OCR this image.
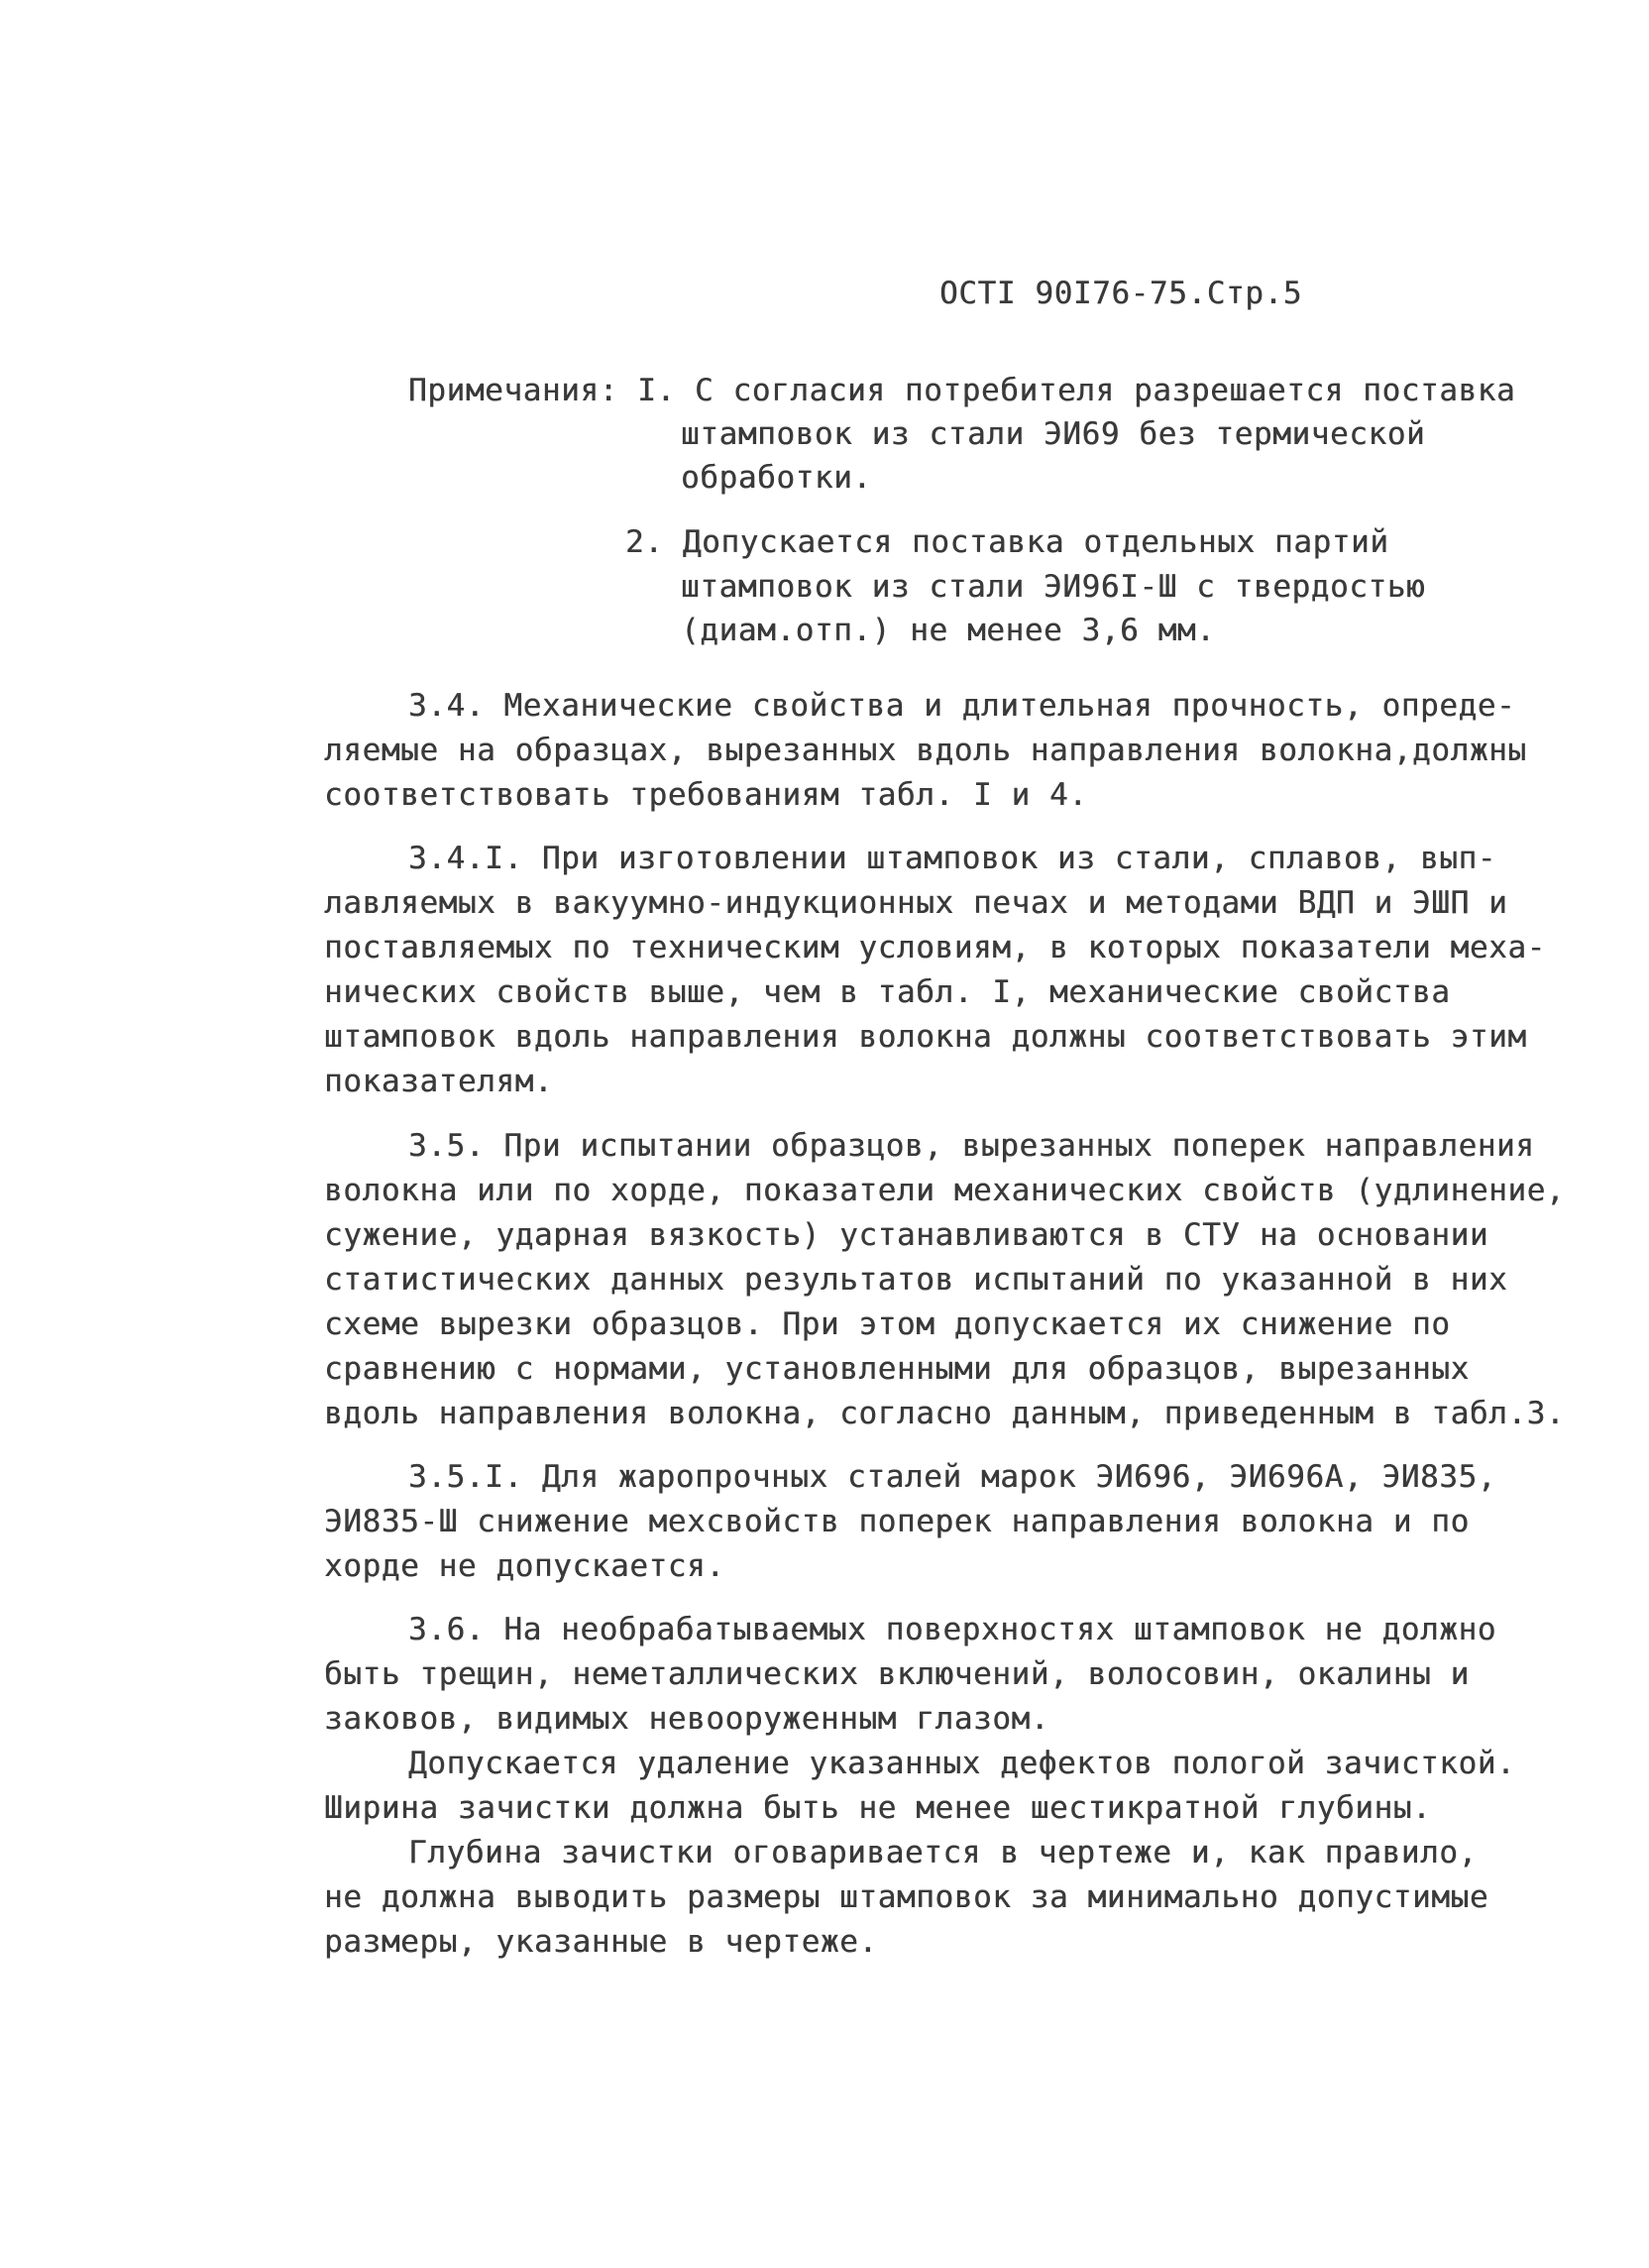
ОСТI 90I76-75.Стр.5
Примечания: I. С согласия потребителя разрешается поставка
штамповок из стали ЭИ69 без термической
обработки.
2. Допускается поставка отдельных партий
штамповок из стали ЭИ96I-Ш с твердостью
(диам.отп.) не менее 3,6 мм.
3.4. Механические свойства и длительная прочность, опреде-
ляемые на образцах, вырезанных вдоль направления волокна,должны
соответствовать требованиям табл. I и 4.
3.4.I. При изготовлении штамповок из стали, сплавов, вып-
лавляемых в вакуумно-индукционных печах и методами ВДП и ЭШП и
поставляемых по техническим условиям, в которых показатели меха-
нических свойств выше, чем в табл. I, механические свойства
штамповок вдоль направления волокна должны соответствовать этим
показателям.
3.5. При испытании образцов, вырезанных поперек направления
волокна или по хорде, показатели механических свойств (удлинение,
сужение, ударная вязкость) устанавливаются в СТУ на основании
статистических данных результатов испытаний по указанной в них
схеме вырезки образцов. При этом допускается их снижение по
сравнению с нормами, установленными для образцов, вырезанных
вдоль направления волокна, согласно данным, приведенным в табл.3.
3.5.I. Для жаропрочных сталей марок ЭИ696, ЭИ696А, ЭИ835,
ЭИ835-Ш снижение мехсвойств поперек направления волокна и по
хорде не допускается.
3.6. На необрабатываемых поверхностях штамповок не должно
быть трещин, неметаллических включений, волосовин, окалины и
заковов, видимых невооруженным глазом.
Допускается удаление указанных дефектов пологой зачисткой.
Ширина зачистки должна быть не менее шестикратной глубины.
Глубина зачистки оговаривается в чертеже и, как правило,
не должна выводить размеры штамповок за минимально допустимые
размеры, указанные в чертеже.
